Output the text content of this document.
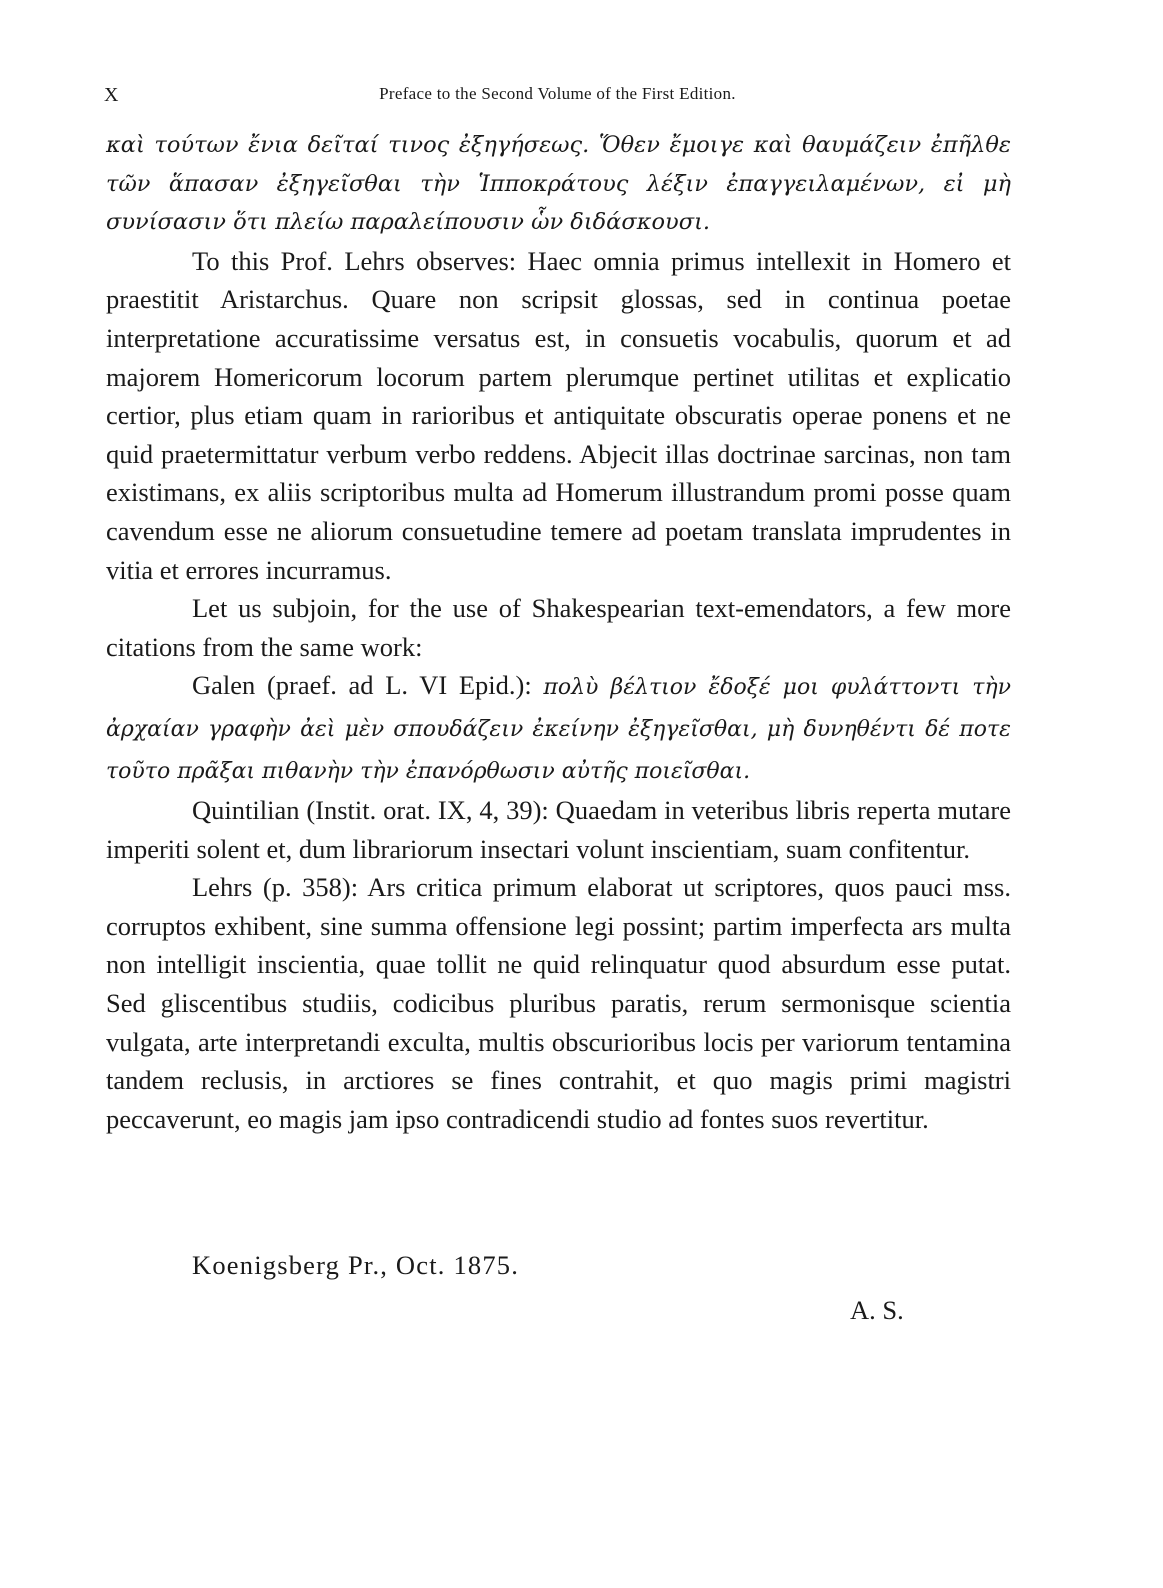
X	Preface to the Second Volume of the First Edition.

καὶ τούτων ἔνια δεῖταί τινος ἐξηγήσεως. Ὅθεν ἔμοιγε καὶ θαυμάζειν ἐπῆλθε τῶν ἅπασαν ἐξηγεῖσθαι τὴν Ἱπποκράτους λέξιν ἐπαγγειλαμένων, εἰ μὴ συνίσασιν ὅτι πλείω παραλείπουσιν ὧν διδάσκουσι.

To this Prof. Lehrs observes: Haec omnia primus intellexit in Homero et praestitit Aristarchus. Quare non scripsit glossas, sed in continua poetae interpretatione accuratissime versatus est, in consuetis vocabulis, quorum et ad majorem Homericorum locorum partem plerumque pertinet utilitas et explicatio certior, plus etiam quam in rarioribus et antiquitate obscuratis operae ponens et ne quid praetermittatur verbum verbo reddens. Abjecit illas doctrinae sarcinas, non tam existimans, ex aliis scriptoribus multa ad Homerum illustrandum promi posse quam cavendum esse ne aliorum consuetudine temere ad poetam translata imprudentes in vitia et errores incurramus.

Let us subjoin, for the use of Shakespearian text-emendators, a few more citations from the same work:

Galen (praef. ad L. VI Epid.): πολὺ βέλτιον ἔδοξέ μοι φυλάττοντι τὴν ἀρχαίαν γραφὴν ἀεὶ μὲν σπουδάζειν ἐκείνην ἐξηγεῖσθαι, μὴ δυνηθέντι δέ ποτε τοῦτο πρᾶξαι πιθανὴν τὴν ἐπανόρθωσιν αὐτῆς ποιεῖσθαι.

Quintilian (Instit. orat. IX, 4, 39): Quaedam in veteribus libris reperta mutare imperiti solent et, dum librariorum insectari volunt inscientiam, suam confitentur.

Lehrs (p. 358): Ars critica primum elaborat ut scriptores, quos pauci mss. corruptos exhibent, sine summa offensione legi possint; partim imperfecta ars multa non intelligit inscientia, quae tollit ne quid relinquatur quod absurdum esse putat. Sed gliscentibus studiis, codicibus pluribus paratis, rerum sermonisque scientia vulgata, arte interpretandi exculta, multis obscurioribus locis per variorum tentamina tandem reclusis, in arctiores se fines contrahit, et quo magis primi magistri peccaverunt, eo magis jam ipso contradicendi studio ad fontes suos revertitur.

Koenigsberg Pr., Oct. 1875.
A. S.
